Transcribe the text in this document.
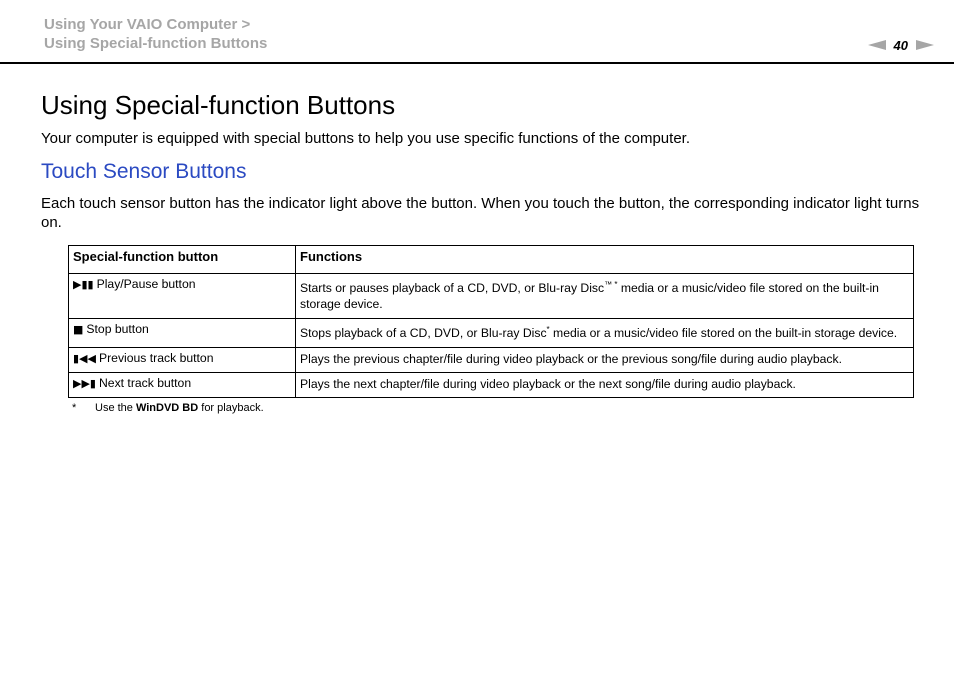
Using Your VAIO Computer >
Using Special-function Buttons	40
Using Special-function Buttons
Your computer is equipped with special buttons to help you use specific functions of the computer.
Touch Sensor Buttons
Each touch sensor button has the indicator light above the button. When you touch the button, the corresponding indicator light turns on.
Special-function button	Functions
▶▮▮ Play/Pause button	Starts or pauses playback of a CD, DVD, or Blu-ray Disc™ * media or a music/video file stored on the built-in storage device.
■ Stop button	Stops playback of a CD, DVD, or Blu-ray Disc* media or a music/video file stored on the built-in storage device.
▮◀◀ Previous track button	Plays the previous chapter/file during video playback or the previous song/file during audio playback.
▶▶▮ Next track button	Plays the next chapter/file during video playback or the next song/file during audio playback.
* Use the WinDVD BD for playback.
